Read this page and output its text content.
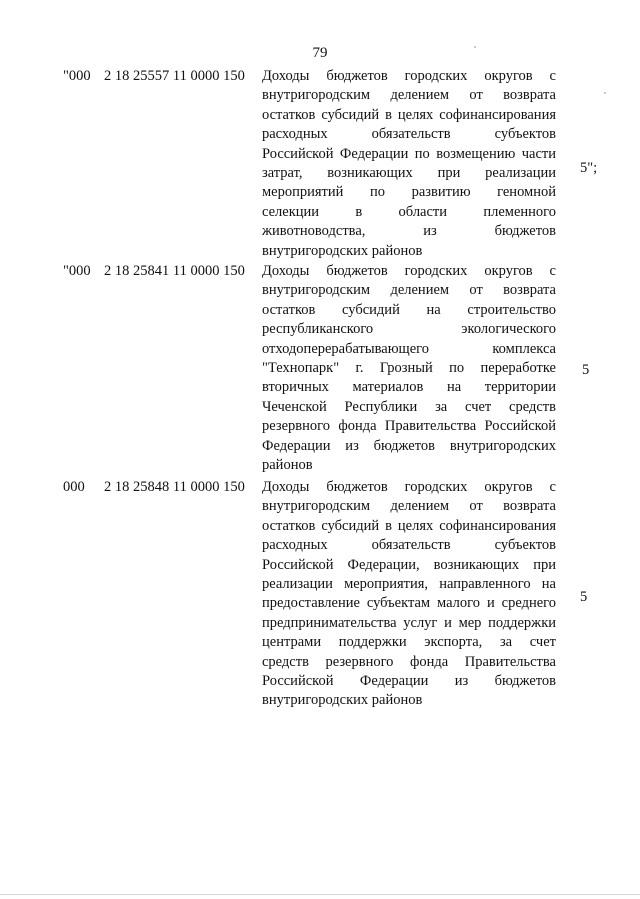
79
"000 2 18 25557 11 0000 150 Доходы бюджетов городских округов с
внутригородским делением от возврата
остатков субсидий в целях софинансирования
расходных обязательств субъектов
Российской Федерации по возмещению части
затрат, возникающих при реализации
мероприятий по развитию геномной
селекции в области племенного
животноводства, из бюджетов
внутригородских районов
5";
"000 2 18 25841 11 0000 150 Доходы бюджетов городских округов с
внутригородским делением от возврата
остатков субсидий на строительство
республиканского экологического
отходоперерабатывающего комплекса
"Технопарк" г. Грозный по переработке
вторичных материалов на территории
Чеченской Республики за счет средств
резервного фонда Правительства Российской
Федерации из бюджетов внутригородских
районов
5
000 2 18 25848 11 0000 150 Доходы бюджетов городских округов с
внутригородским делением от возврата
остатков субсидий в целях софинансирования
расходных обязательств субъектов
Российской Федерации, возникающих при
реализации мероприятия, направленного на
предоставление субъектам малого и среднего
предпринимательства услуг и мер поддержки
центрами поддержки экспорта, за счет
средств резервного фонда Правительства
Российской Федерации из бюджетов
внутригородских районов
5
